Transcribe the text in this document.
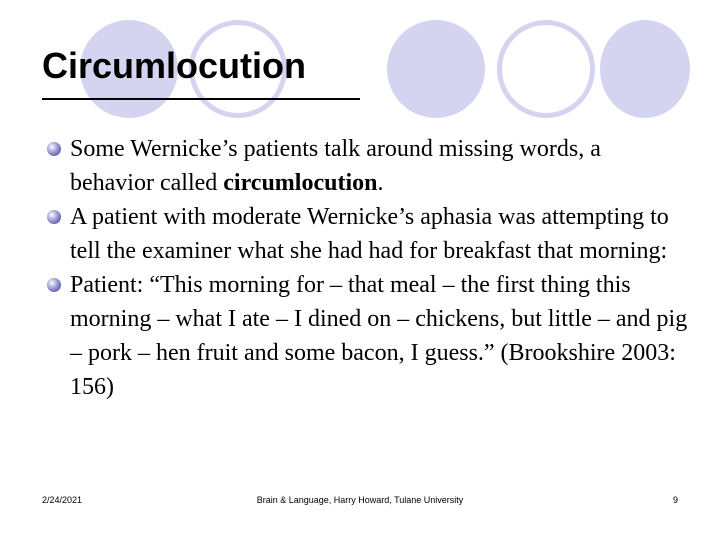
Circumlocution
Some Wernicke’s patients talk around missing words, a behavior called circumlocution.
A patient with moderate Wernicke’s aphasia was attempting to tell the examiner what she had had for breakfast that morning:
Patient: “This morning for – that meal – the first thing this morning – what I ate – I dined on – chickens, but little – and pig – pork – hen fruit and some bacon, I guess.” (Brookshire 2003: 156)
2/24/2021	Brain & Language, Harry Howard, Tulane University	9
